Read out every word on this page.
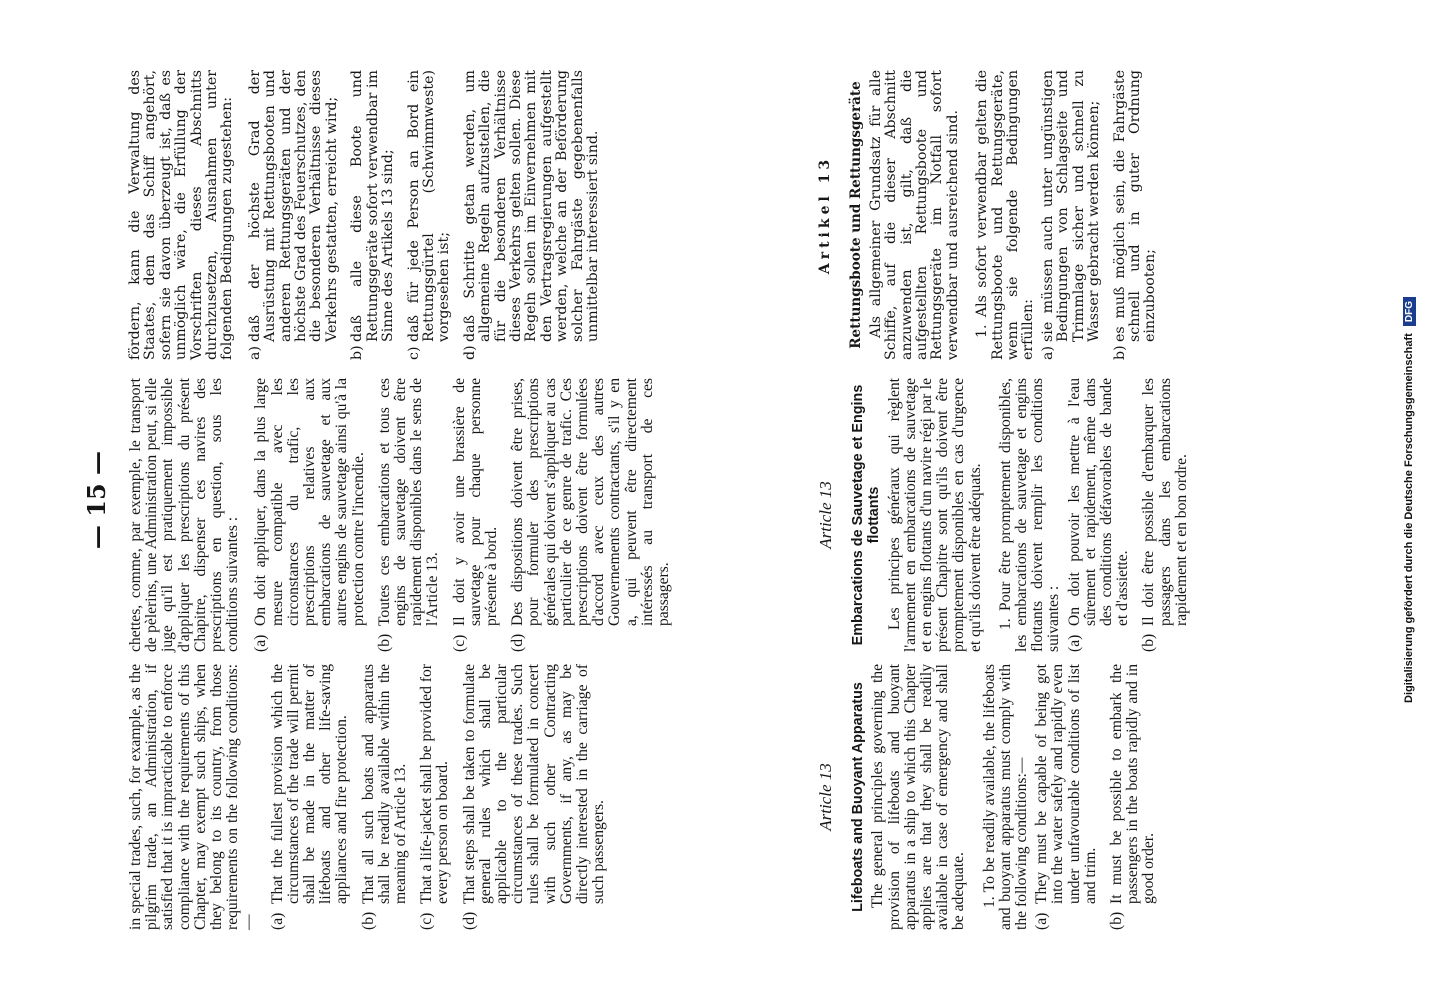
— 15 —

in special trades, such, for example, as the pilgrim trade, an Administration, if satisfied that it is impracticable to enforce compliance with the requirements of this Chapter, may exempt such ships, when they belong to its country, from those requirements on the following conditions:— (a)
That the fullest provision which the circumstances of the trade will permit shall be made in the matter of lifeboats and other life-saving appliances and fire protection.
(b)
That all such boats and apparatus shall be readily available within the meaning of Article 13.
(c)
That a life-jacket shall be provided for every person on board.
(d)
That steps shall be taken to formulate general rules which shall be applicable to the particular circumstances of these trades. Such rules shall be formulated in concert with such other Contracting Governments, if any, as may be directly interested in the carriage of such passengers.

chettes, comme, par exemple, le transport de pèlerins, une Administration peut, si elle juge qu'il est pratiquement impossible d'appliquer les prescriptions du présent Chapitre, dispenser ces navires des prescriptions en question, sous les conditions suivantes : (a)
On doit appliquer, dans la plus large mesure compatible avec les circonstances du trafic, les prescriptions relatives aux embarcations de sauvetage et aux autres engins de sauvetage ainsi qu'à la protection contre l'incendie.
(b)
Toutes ces embarcations et tous ces engins de sauvetage doivent être rapidement disponibles dans le sens de l'Article 13.
(c)
Il doit y avoir une brassière de sauvetage pour chaque personne présente à bord.
(d)
Des dispositions doivent être prises, pour formuler des prescriptions générales qui doivent s'appliquer au cas particulier de ce genre de trafic. Ces prescriptions doivent être formulées d'accord avec ceux des autres Gouvernements contractants, s'il y en a, qui peuvent être directement intéressés au transport de ces passagers.

fördern, kann die Verwaltung des Staates, dem das Schiff angehört, sofern sie davon überzeugt ist, daß es unmöglich wäre, die Erfüllung der Vorschriften dieses Abschnitts durchzusetzen, Ausnahmen unter folgenden Bedingungen zugestehen: a)
daß der höchste Grad der Ausrüstung mit Rettungsbooten und anderen Rettungsgeräten und der höchste Grad des Feuerschutzes, den die besonderen Verhältnisse dieses Verkehrs gestatten, erreicht wird;
b)
daß alle diese Boote und Rettungsgeräte sofort verwendbar im Sinne des Artikels 13 sind;
c)
daß für jede Person an Bord ein Rettungsgürtel (Schwimmweste) vorgesehen ist;
d)
daß Schritte getan werden, um allgemeine Regeln aufzustellen, die für die besonderen Verhältnisse dieses Verkehrs gelten sollen. Diese Regeln sollen im Einvernehmen mit den Vertragsregierungen aufgestellt werden, welche an der Beförderung solcher Fahrgäste gegebenenfalls unmittelbar interessiert sind.
Article 13 Lifeboats and Buoyant Apparatus The general principles governing the provision of lifeboats and buoyant apparatus in a ship to which this Chapter applies are that they shall be readily available in case of emergency and shall be adequate. 1. To be readily available, the lifeboats and buoyant apparatus must comply with the following conditions:— (a)
They must be capable of being got into the water safely and rapidly even under unfavourable conditions of list and trim.
(b)
It must be possible to embark the passengers in the boats rapidly and in good order.
Article 13 Embarcations de Sauvetage et Engins flottants Les principes généraux qui règlent l'armement en embarcations de sauvetage et en engins flottants d'un navire régi par le présent Chapitre sont qu'ils doivent être promptement disponibles en cas d'urgence et qu'ils doivent être adéquats. 1. Pour être promptement disponibles, les embarcations de sauvetage et engins flottants doivent remplir les conditions suivantes : (a)
On doit pouvoir les mettre à l'eau sûrement et rapidement, même dans des conditions défavorables de bande et d'assiette.
(b)
Il doit être possible d'embarquer les passagers dans les embarcations rapidement et en bon ordre.
Artikel 13 Rettungsboote und Rettungsgeräte Als allgemeiner Grundsatz für alle Schiffe, auf die dieser Abschnitt anzuwenden ist, gilt, daß die aufgestellten Rettungsboote und Rettungsgeräte im Notfall sofort verwendbar und ausreichend sind. 1. Als sofort verwendbar gelten die Rettungsboote und Rettungsgeräte, wenn sie folgende Bedingungen erfüllen: a)
sie müssen auch unter ungünstigen Bedingungen von Schlagseite und Trimmlage sicher und schnell zu Wasser gebracht werden können;
b)
es muß möglich sein, die Fahrgäste schnell und in guter Ordnung einzubooten;
Digitalisierung gefördert durch die Deutsche Forschungsgemeinschaft DFG
